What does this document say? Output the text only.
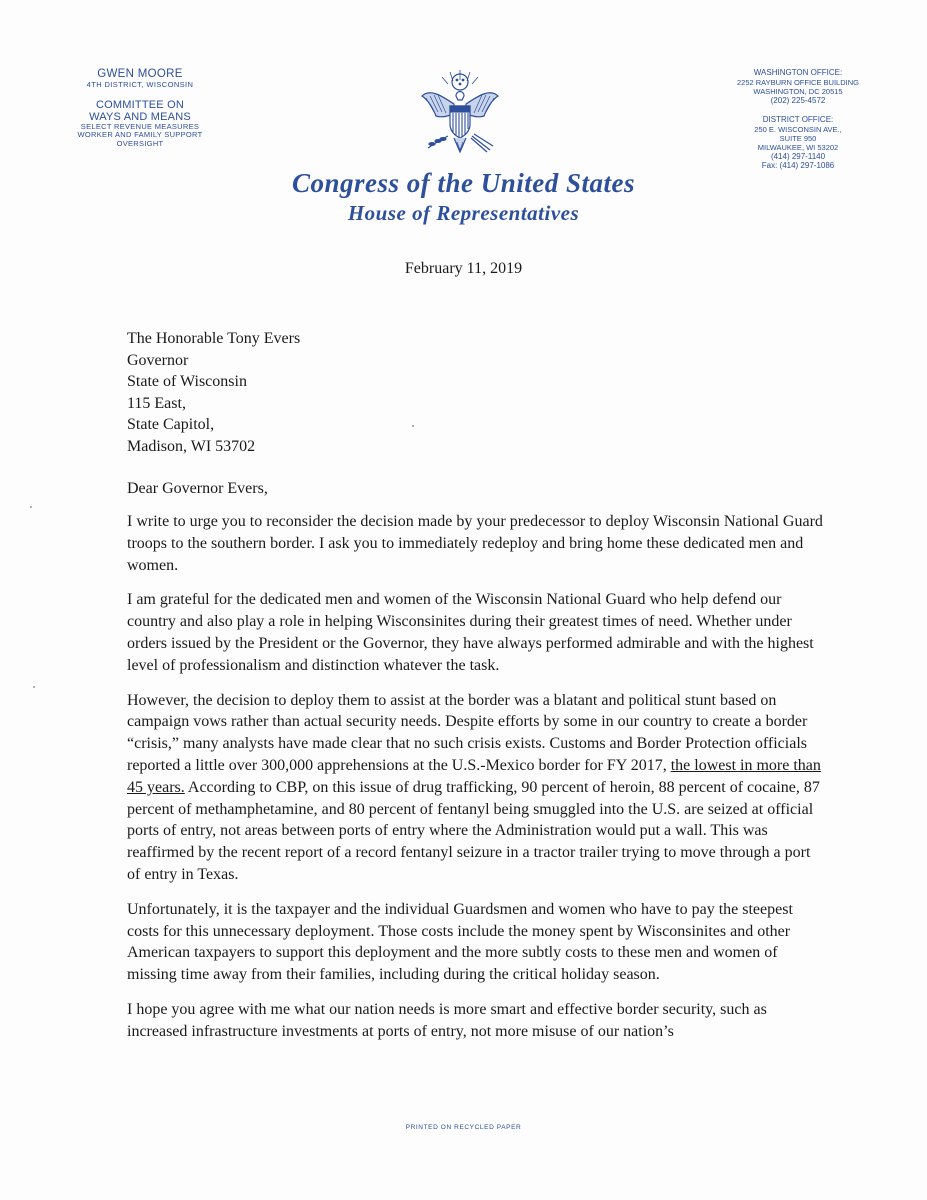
GWEN MOORE
4TH DISTRICT, WISCONSIN
COMMITTEE ON
WAYS AND MEANS
SELECT REVENUE MEASURES
WORKER AND FAMILY SUPPORT
OVERSIGHT
WASHINGTON OFFICE:
2252 RAYBURN OFFICE BUILDING
WASHINGTON, DC 20515
(202) 225-4572
DISTRICT OFFICE:
250 E. WISCONSIN AVE.,
SUITE 950
MILWAUKEE, WI 53202
(414) 297-1140
Fax: (414) 297-1086
Congress of the United States
House of Representatives
February 11, 2019
The Honorable Tony Evers
Governor
State of Wisconsin
115 East,
State Capitol,
Madison, WI 53702
Dear Governor Evers,

I write to urge you to reconsider the decision made by your predecessor to deploy Wisconsin National Guard troops to the southern border. I ask you to immediately redeploy and bring home these dedicated men and women.

I am grateful for the dedicated men and women of the Wisconsin National Guard who help defend our country and also play a role in helping Wisconsinites during their greatest times of need. Whether under orders issued by the President or the Governor, they have always performed admirable and with the highest level of professionalism and distinction whatever the task.

However, the decision to deploy them to assist at the border was a blatant and political stunt based on campaign vows rather than actual security needs. Despite efforts by some in our country to create a border “crisis,” many analysts have made clear that no such crisis exists. Customs and Border Protection officials reported a little over 300,000 apprehensions at the U.S.-Mexico border for FY 2017, the lowest in more than 45 years. According to CBP, on this issue of drug trafficking, 90 percent of heroin, 88 percent of cocaine, 87 percent of methamphetamine, and 80 percent of fentanyl being smuggled into the U.S. are seized at official ports of entry, not areas between ports of entry where the Administration would put a wall. This was reaffirmed by the recent report of a record fentanyl seizure in a tractor trailer trying to move through a port of entry in Texas.

Unfortunately, it is the taxpayer and the individual Guardsmen and women who have to pay the steepest costs for this unnecessary deployment. Those costs include the money spent by Wisconsinites and other American taxpayers to support this deployment and the more subtly costs to these men and women of missing time away from their families, including during the critical holiday season.

I hope you agree with me what our nation needs is more smart and effective border security, such as increased infrastructure investments at ports of entry, not more misuse of our nation’s

PRINTED ON RECYCLED PAPER
